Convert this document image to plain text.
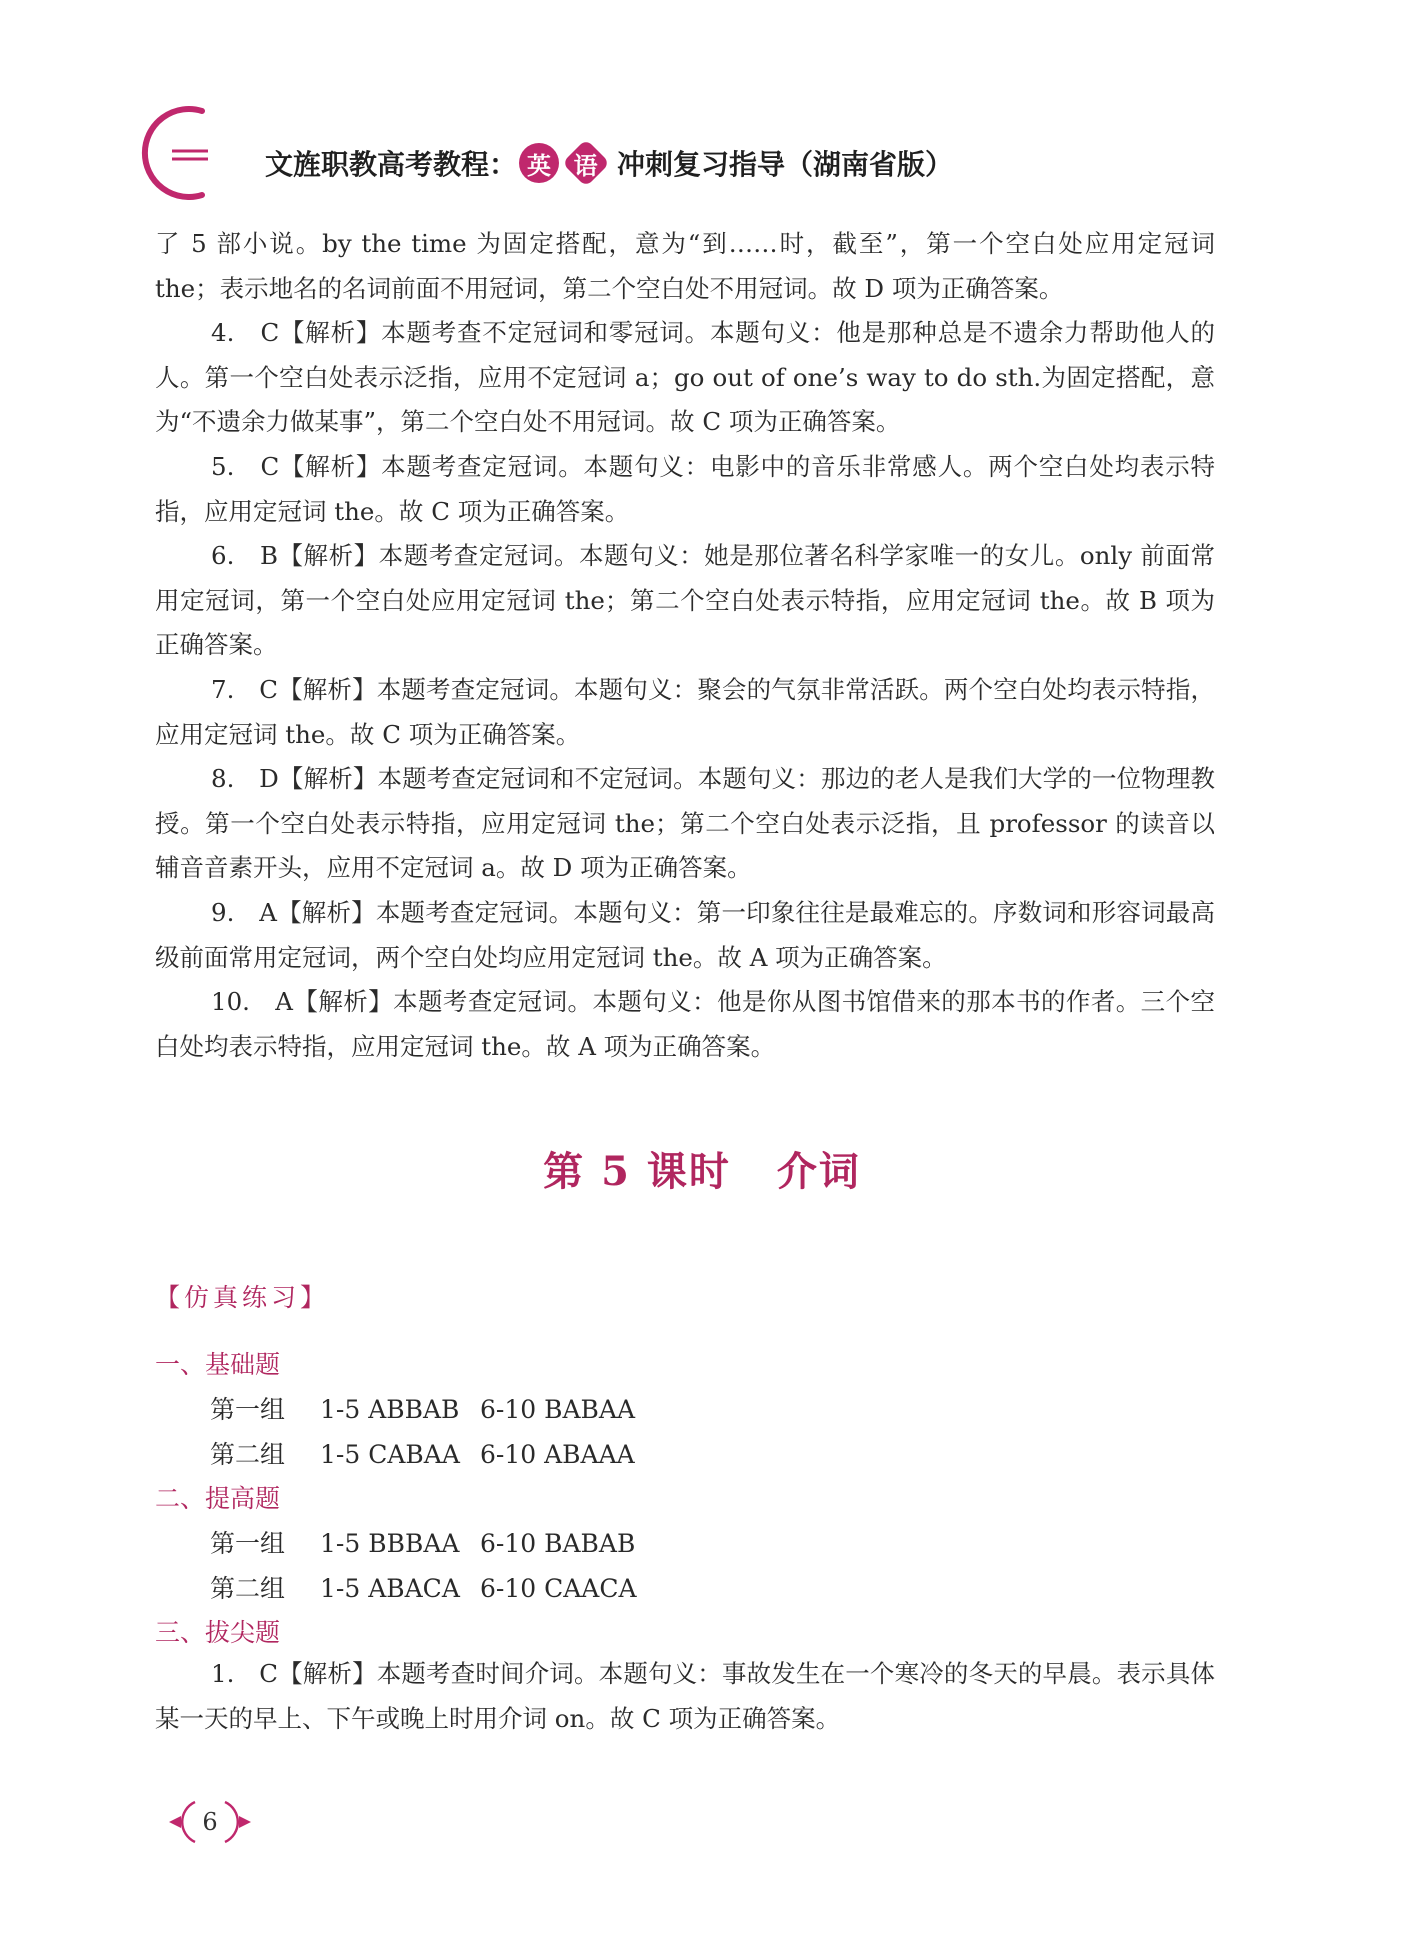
文旌职教高考教程： 英 语 冲刺复习指导（湖南省版）

了 5 部小说。by the time 为固定搭配，意为“到……时，截至”，第一个空白处应用定冠词 the；表示地名的名词前面不用冠词，第二个空白处不用冠词。故 D 项为正确答案。

4.　C【解析】本题考查不定冠词和零冠词。本题句义：他是那种总是不遗余力帮助他人的人。第一个空白处表示泛指，应用不定冠词 a；go out of one’s way to do sth.为固定搭配，意为“不遗余力做某事”，第二个空白处不用冠词。故 C 项为正确答案。

5.　C【解析】本题考查定冠词。本题句义：电影中的音乐非常感人。两个空白处均表示特指，应用定冠词 the。故 C 项为正确答案。

6.　B【解析】本题考查定冠词。本题句义：她是那位著名科学家唯一的女儿。only 前面常用定冠词，第一个空白处应用定冠词 the；第二个空白处表示特指，应用定冠词 the。故 B 项为正确答案。

7.　C【解析】本题考查定冠词。本题句义：聚会的气氛非常活跃。两个空白处均表示特指，应用定冠词 the。故 C 项为正确答案。

8.　D【解析】本题考查定冠词和不定冠词。本题句义：那边的老人是我们大学的一位物理教授。第一个空白处表示特指，应用定冠词 the；第二个空白处表示泛指，且 professor 的读音以辅音音素开头，应用不定冠词 a。故 D 项为正确答案。

9.　A【解析】本题考查定冠词。本题句义：第一印象往往是最难忘的。序数词和形容词最高级前面常用定冠词，两个空白处均应用定冠词 the。故 A 项为正确答案。

10.　A【解析】本题考查定冠词。本题句义：他是你从图书馆借来的那本书的作者。三个空白处均表示特指，应用定冠词 the。故 A 项为正确答案。

第 5 课时 介词
【仿真练习】
一、基础题
第一组 1-5 ABBAB 6-10 BABAA
第二组 1-5 CABAA 6-10 ABAAA
二、提高题
第一组 1-5 BBBAA 6-10 BABAB
第二组 1-5 ABACA 6-10 CAACA
三、拔尖题

1.　C【解析】本题考查时间介词。本题句义：事故发生在一个寒冷的冬天的早晨。表示具体某一天的早上、下午或晚上时用介词 on。故 C 项为正确答案。

6
